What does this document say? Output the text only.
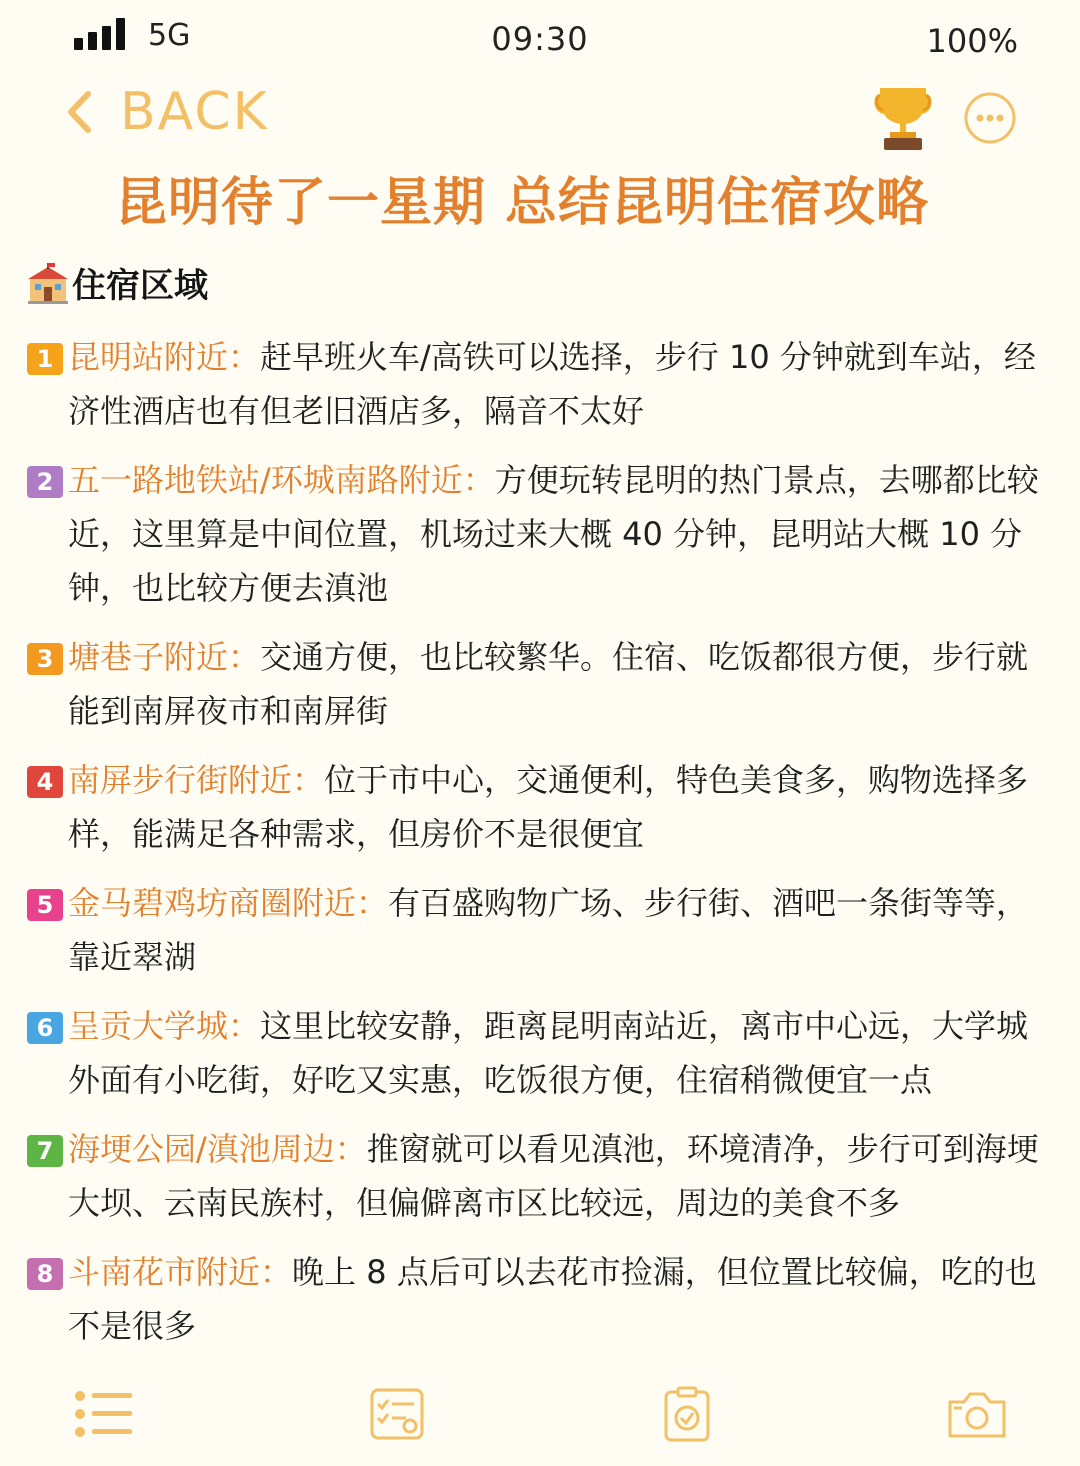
5G	09:30	100%
BACK
昆明待了一星期 总结昆明住宿攻略
住宿区域
1 昆明站附近：赶早班火车/高铁可以选择，步行 10 分钟就到车站，经济性酒店也有但老旧酒店多，隔音不太好
2 五一路地铁站/环城南路附近：方便玩转昆明的热门景点，去哪都比较近，这里算是中间位置，机场过来大概 40 分钟，昆明站大概 10 分钟，也比较方便去滇池
3 塘巷子附近：交通方便，也比较繁华。住宿、吃饭都很方便，步行就能到南屏夜市和南屏街
4 南屏步行街附近：位于市中心，交通便利，特色美食多，购物选择多样，能满足各种需求，但房价不是很便宜
5 金马碧鸡坊商圈附近：有百盛购物广场、步行街、酒吧一条街等等，靠近翠湖
6 呈贡大学城：这里比较安静，距离昆明南站近，离市中心远，大学城外面有小吃街，好吃又实惠，吃饭很方便，住宿稍微便宜一点
7 海埂公园/滇池周边：推窗就可以看见滇池，环境清净，步行可到海埂大坝、云南民族村，但偏僻离市区比较远，周边的美食不多
8 斗南花市附近：晚上 8 点后可以去花市捡漏，但位置比较偏，吃的也不是很多
